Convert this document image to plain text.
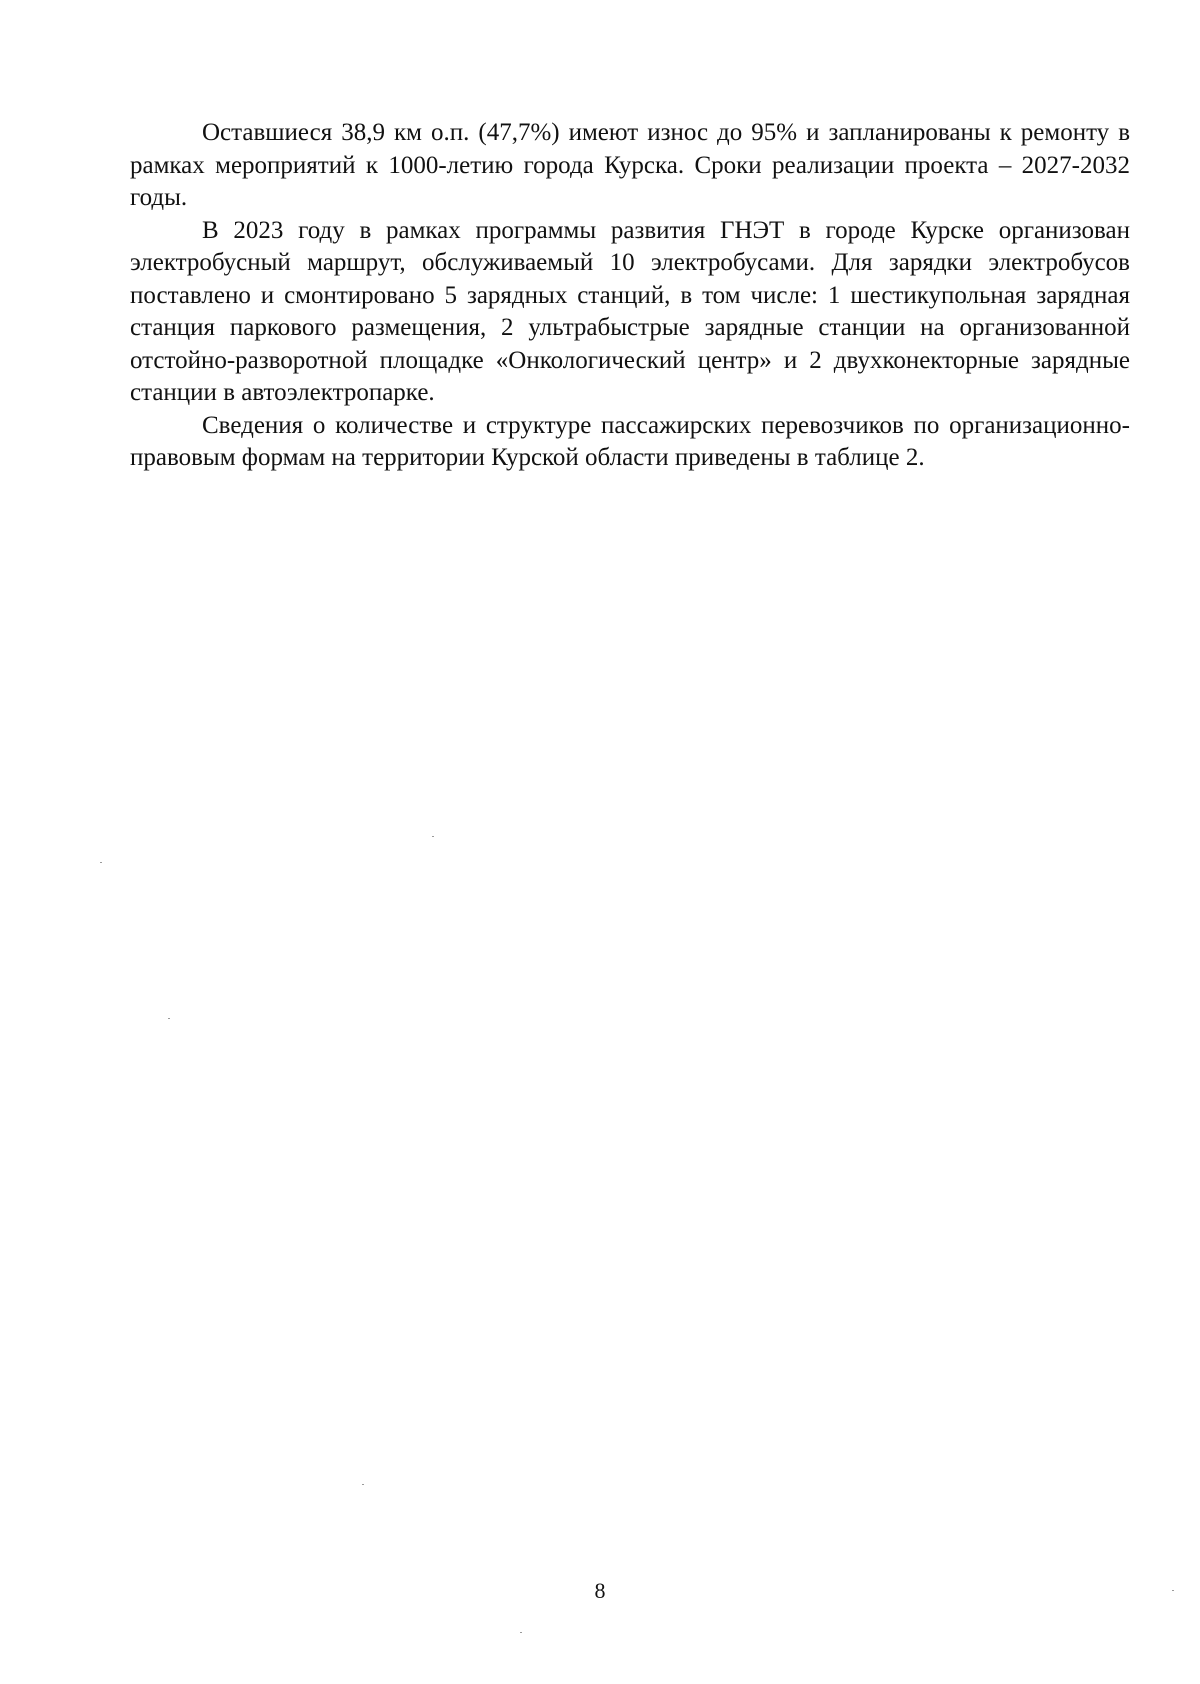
Оставшиеся 38,9 км о.п. (47,7%) имеют износ до 95% и запланированы к ремонту в рамках мероприятий к 1000-летию города Курска. Сроки реализации проекта – 2027-2032 годы.

В 2023 году в рамках программы развития ГНЭТ в городе Курске организован электробусный маршрут, обслуживаемый 10 электробусами. Для зарядки электробусов поставлено и смонтировано 5 зарядных станций, в том числе: 1 шестикупольная зарядная станция паркового размещения, 2 ультрабыстрые зарядные станции на организованной отстойно-разворотной площадке «Онкологический центр» и 2 двухконекторные зарядные станции в автоэлектропарке.

Сведения о количестве и структуре пассажирских перевозчиков по организационно-правовым формам на территории Курской области приведены в таблице 2.

8
